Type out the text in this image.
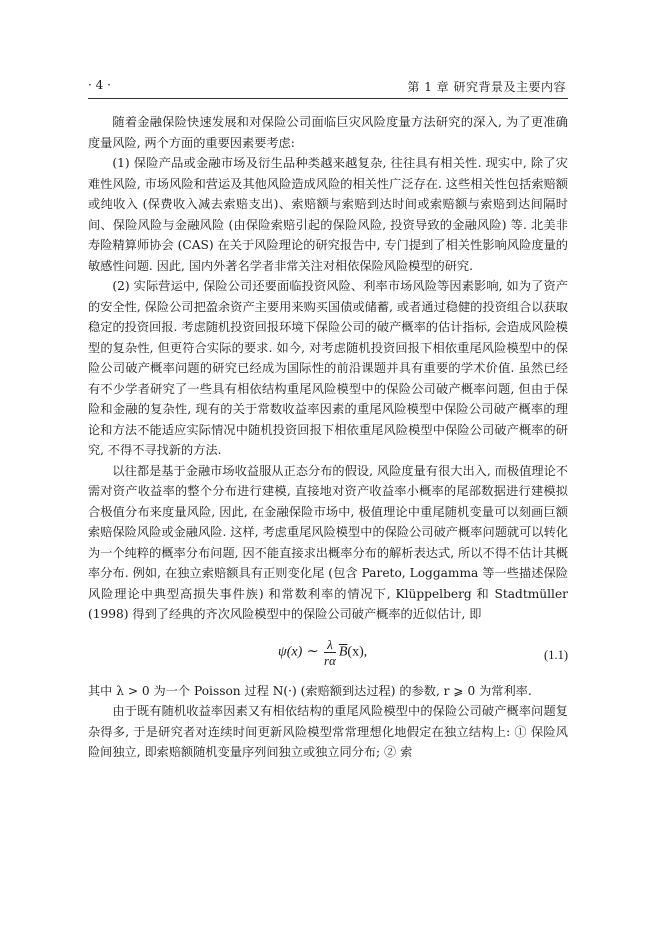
· 4 ·	第 1 章 研究背景及主要内容

随着金融保险快速发展和对保险公司面临巨灾风险度量方法研究的深入, 为了更准确度量风险, 两个方面的重要因素要考虑:

(1) 保险产品或金融市场及衍生品种类越来越复杂, 往往具有相关性. 现实中, 除了灾难性风险, 市场风险和营运及其他风险造成风险的相关性广泛存在. 这些相关性包括索赔额或纯收入 (保费收入减去索赔支出)、索赔额与索赔到达时间或索赔额与索赔到达间隔时间、保险风险与金融风险 (由保险索赔引起的保险风险, 投资导致的金融风险) 等. 北美非寿险精算师协会 (CAS) 在关于风险理论的研究报告中, 专门提到了相关性影响风险度量的敏感性问题. 因此, 国内外著名学者非常关注对相依保险风险模型的研究.

(2) 实际营运中, 保险公司还要面临投资风险、利率市场风险等因素影响, 如为了资产的安全性, 保险公司把盈余资产主要用来购买国债或储蓄, 或者通过稳健的投资组合以获取稳定的投资回报. 考虑随机投资回报环境下保险公司的破产概率的估计指标, 会造成风险模型的复杂性, 但更符合实际的要求. 如今, 对考虑随机投资回报下相依重尾风险模型中的保险公司破产概率问题的研究已经成为国际性的前沿课题并具有重要的学术价值. 虽然已经有不少学者研究了一些具有相依结构重尾风险模型中的保险公司破产概率问题, 但由于保险和金融的复杂性, 现有的关于常数收益率因素的重尾风险模型中保险公司破产概率的理论和方法不能适应实际情况中随机投资回报下相依重尾风险模型中保险公司破产概率的研究, 不得不寻找新的方法.

以往都是基于金融市场收益服从正态分布的假设, 风险度量有很大出入, 而极值理论不需对资产收益率的整个分布进行建模, 直接地对资产收益率小概率的尾部数据进行建模拟合极值分布来度量风险, 因此, 在金融保险市场中, 极值理论中重尾随机变量可以刻画巨额索赔保险风险或金融风险. 这样, 考虑重尾风险模型中的保险公司破产概率问题就可以转化为一个纯粹的概率分布问题, 因不能直接求出概率分布的解析表达式, 所以不得不估计其概率分布. 例如, 在独立索赔额具有正则变化尾 (包含 Pareto, Loggamma 等一些描述保险风险理论中典型高损失事件族) 和常数利率的情况下, Klüppelberg 和 Stadtmüller (1998) 得到了经典的齐次风险模型中的保险公司破产概率的近似估计, 即

ψ(x) ∼ $\frac{\lambda}{r\alpha} \overline{B}(x)$,	(1.1)

其中 λ > 0 为一个 Poisson 过程 N(·) (索赔额到达过程) 的参数, r ⩾ 0 为常利率.

由于既有随机收益率因素又有相依结构的重尾风险模型中的保险公司破产概率问题复杂得多, 于是研究者对连续时间更新风险模型常常理想化地假定在独立结构上: ① 保险风险间独立, 即索赔额随机变量序列间独立或独立同分布; ② 索
